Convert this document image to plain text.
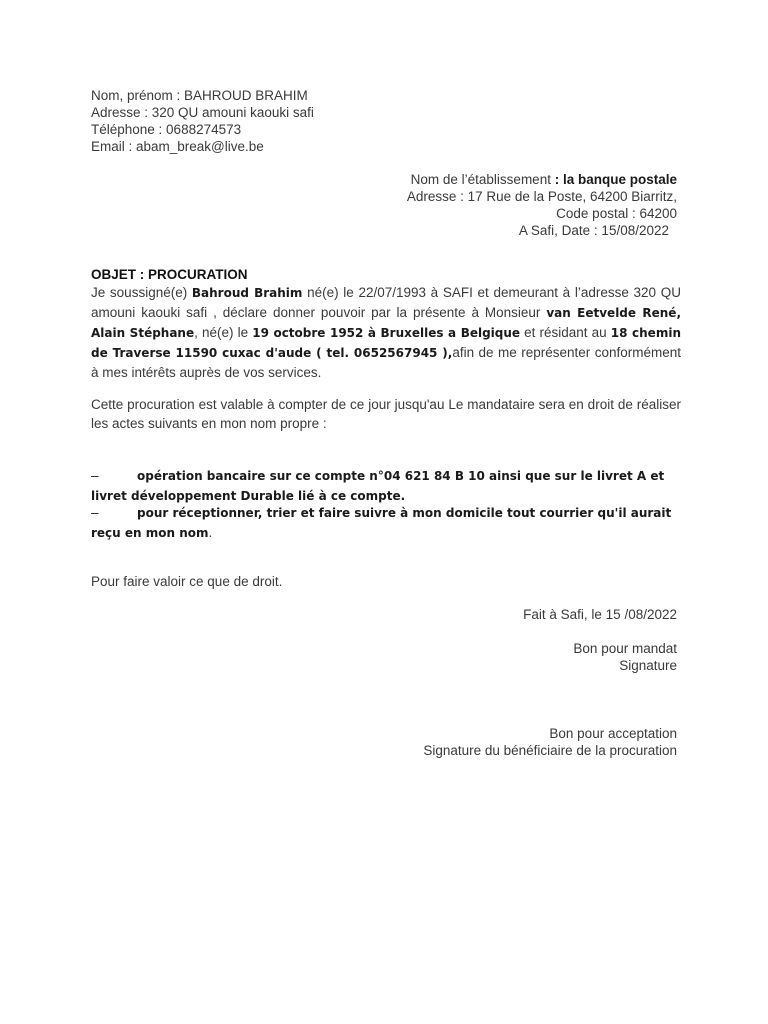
Nom, prénom : BAHROUD BRAHIM
Adresse : 320 QU amouni kaouki safi
Téléphone : 0688274573
Email : abam_break@live.be
Nom de l’établissement : la banque postale
Adresse : 17 Rue de la Poste, 64200 Biarritz,
Code postal : 64200
A Safi, Date : 15/08/2022
OBJET : PROCURATION
Je soussigné(e) Bahroud Brahim né(e) le 22/07/1993 à SAFI et demeurant à l’adresse 320 QU amouni kaouki safi , déclare donner pouvoir par la présente à Monsieur van Eetvelde René, Alain Stéphane, né(e) le 19 octobre 1952 à Bruxelles a Belgique et résidant au 18 chemin de Traverse 11590 cuxac d'aude ( tel. 0652567945 ),afin de me représenter conformément à mes intérêts auprès de vos services.
Cette procuration est valable à compter de ce jour jusqu'au Le mandataire sera en droit de réaliser les actes suivants en mon nom propre :
–	opération bancaire sur ce compte n°04 621 84 B 10 ainsi que sur le livret A et livret développement Durable lié à ce compte.
–	pour réceptionner, trier et faire suivre à mon domicile tout courrier qu'il aurait reçu en mon nom.
Pour faire valoir ce que de droit.
Fait à Safi, le 15 /08/2022
Bon pour mandat
Signature
Bon pour acceptation
Signature du bénéficiaire de la procuration
